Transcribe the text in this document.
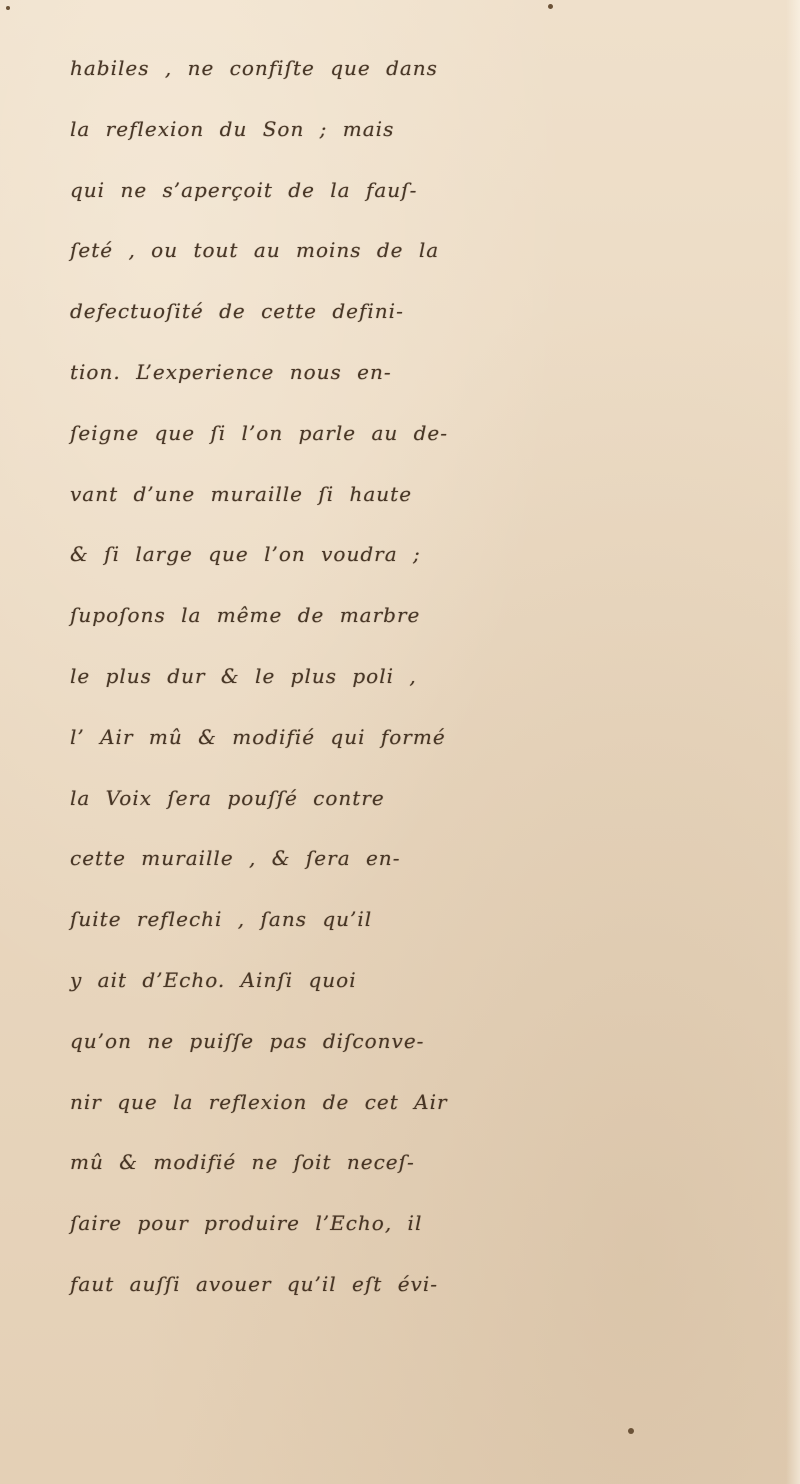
habiles , ne confiſte que dans
la reflexion du Son ; mais
qui ne s’aperçoit de la fauſ-
ſeté , ou tout au moins de la
defectuoſité de cette defini-
tion. L’experience nous en-
ſeigne que ſi l’on parle au de-
vant d’une muraille ſi haute
& ſi large que l’on voudra ;
ſupoſons la même de marbre
le plus dur & le plus poli ,
l’ Air mû & modifié qui formé
la Voix ſera pouſſé contre
cette muraille , & ſera en-
ſuite reflechi , ſans qu’il
y ait d’Echo. Ainſi quoi
qu’on ne puiſſe pas diſconve-
nir que la reflexion de cet Air
mû & modifié ne ſoit neceſ-
ſaire pour produire l’Echo, il
faut auſſi avouer qu’il eſt évi-
